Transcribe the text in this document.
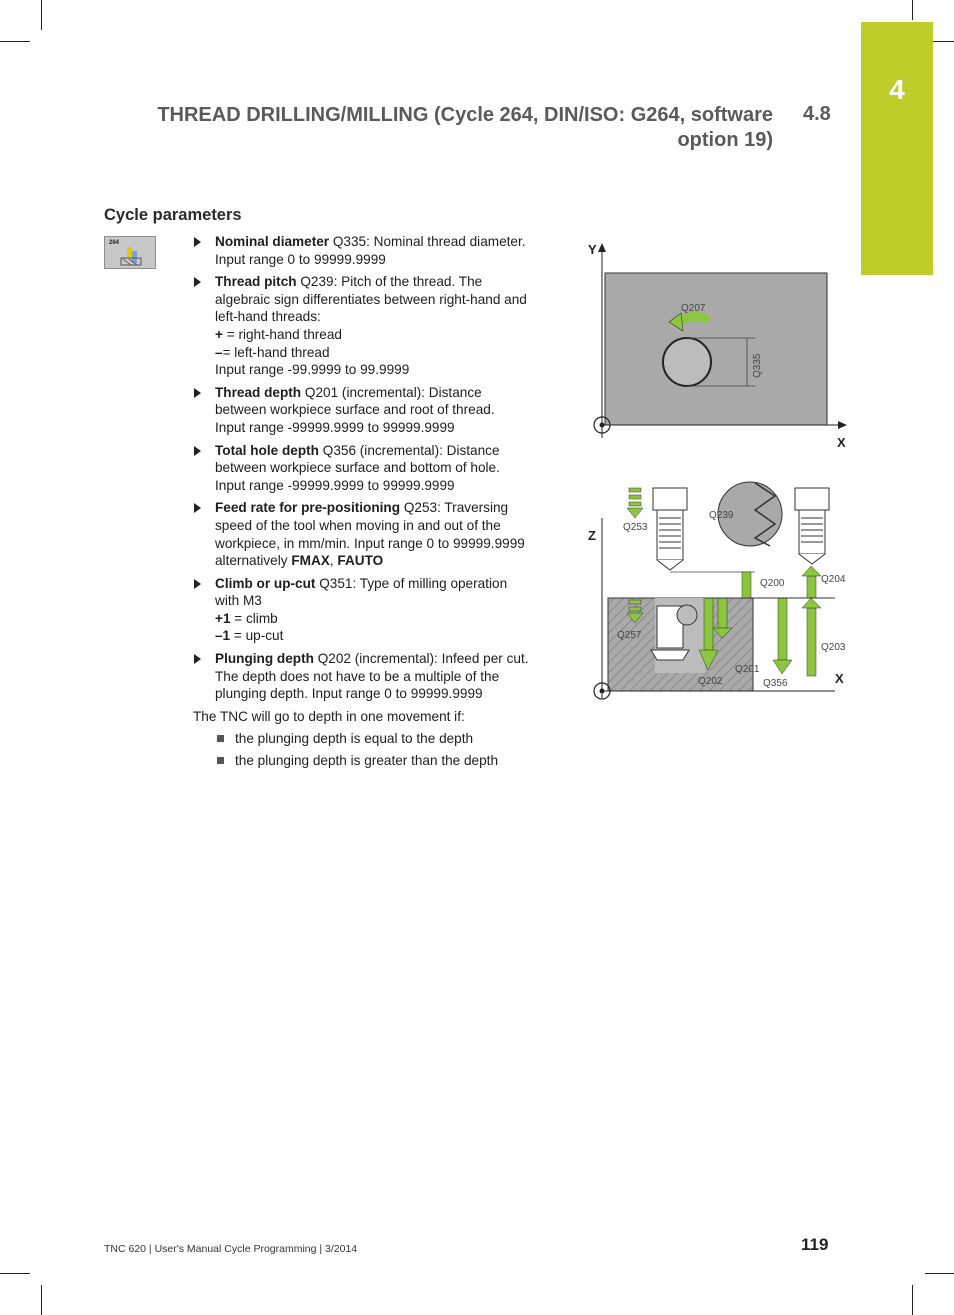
4
THREAD DRILLING/MILLING (Cycle 264, DIN/ISO: G264, software
option 19)
4.8
Cycle parameters
264	Nominal diameter Q335: Nominal thread diameter.
Input range 0 to 99999.9999
Thread pitch Q239: Pitch of the thread. The
algebraic sign differentiates between right-hand and
left-hand threads:
+ = right-hand thread
–= left-hand thread
Input range -99.9999 to 99.9999
Thread depth Q201 (incremental): Distance
between workpiece surface and root of thread.
Input range -99999.9999 to 99999.9999
Total hole depth Q356 (incremental): Distance
between workpiece surface and bottom of hole.
Input range -99999.9999 to 99999.9999
Feed rate for pre-positioning Q253: Traversing
speed of the tool when moving in and out of the
workpiece, in mm/min. Input range 0 to 99999.9999
alternatively FMAX, FAUTO
Climb or up-cut Q351: Type of milling operation
with M3
+1 = climb
–1 = up-cut
Plunging depth Q202 (incremental): Infeed per cut.
The depth does not have to be a multiple of the
plunging depth. Input range 0 to 99999.9999
The TNC will go to depth in one movement if:
the plunging depth is equal to the depth
the plunging depth is greater than the depth
Y
X
Q335
Q207
Z
X
Q253
Q239
Q257
Q202
Q201
Q200
Q356
Q204
Q203
TNC 620 | User's Manual Cycle Programming | 3/2014	119
